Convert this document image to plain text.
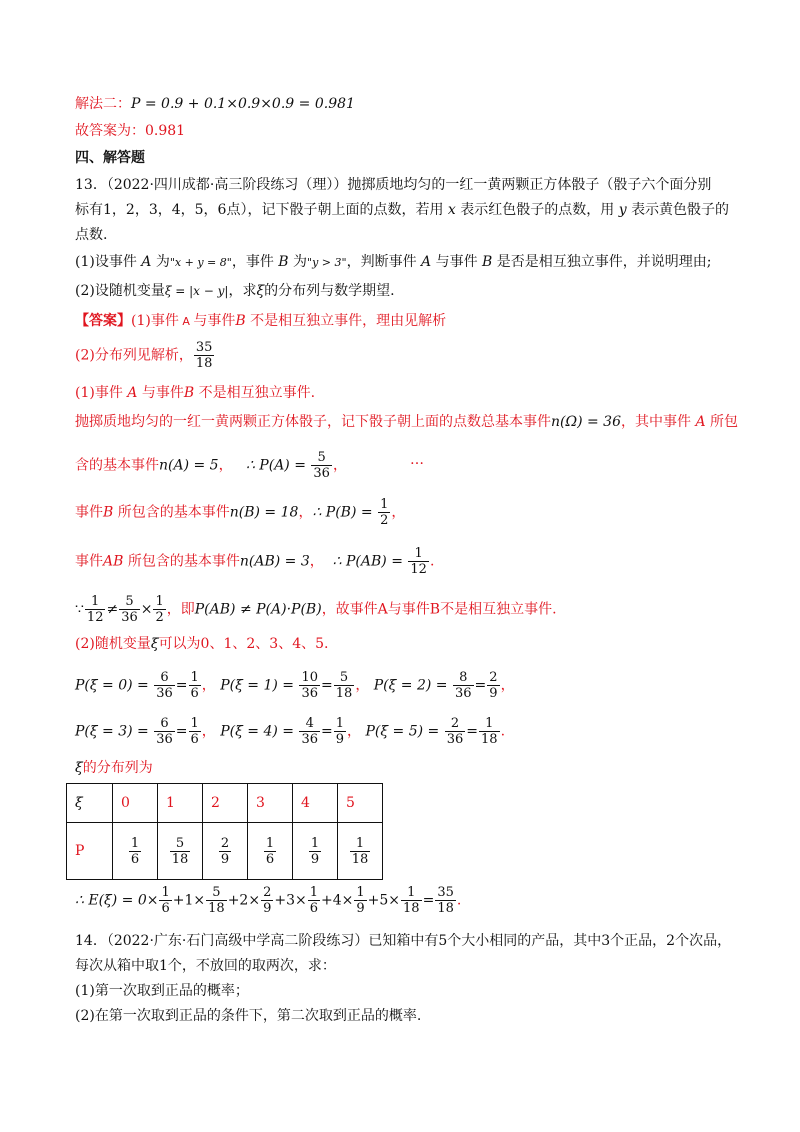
解法二：P = 0.9 + 0.1×0.9×0.9 = 0.981
故答案为：0.981
四、解答题
13．（2022·四川成都·高三阶段练习（理））抛掷质地均匀的一红一黄两颗正方体骰子（骰子六个面分别
标有1，2，3，4，5，6点），记下骰子朝上面的点数，若用 x 表示红色骰子的点数，用 y 表示黄色骰子的
点数.
(1)设事件 A 为"x + y = 8"，事件 B 为"y > 3"，判断事件 A 与事件 B 是否是相互独立事件，并说明理由;
(2)设随机变量ξ = |x − y|，求ξ的分布列与数学期望.
【答案】(1)事件 A 与事件B 不是相互独立事件，理由见解析
(2)分布列见解析， $\frac{35}{18}$
(1)事件 A 与事件B 不是相互独立事件.
抛掷质地均匀的一红一黄两颗正方体骰子，记下骰子朝上面的点数总基本事件n(Ω) = 36，其中事件 A 所包
含的基本事件n(A) = 5， ∴ $P(A) = \frac{5}{36}$ ，	…
事件B 所包含的基本事件n(B) = 18，∴ $P(B) = \frac{1}{2}$ ，
事件AB 所包含的基本事件n(AB) = 3， ∴ $P(AB) = \frac{1}{12}$ .
∵ $\frac{1}{12} \ne \frac{5}{36} \times \frac{1}{2}$ ，即P(AB) ≠ P(A)·P(B)，故事件A与事件B不是相互独立事件.
(2)随机变量ξ可以为0、1、2、3、4、5.
$P(\xi = 0) = \frac{6}{36} = \frac{1}{6}$ ， $P(\xi = 1) = \frac{10}{36} = \frac{5}{18}$ ， $P(\xi = 2) = \frac{8}{36} = \frac{2}{9}$ ，
$P(\xi = 3) = \frac{6}{36} = \frac{1}{6}$ ， $P(\xi = 4) = \frac{4}{36} = \frac{1}{9}$ ， $P(\xi = 5) = \frac{2}{36} = \frac{1}{18}$ .
ξ的分布列为
ξ	0	1	2	3	4	5
P	$\frac{1}{6}$	$\frac{5}{18}$	$\frac{2}{9}$	$\frac{1}{6}$	$\frac{1}{9}$	$\frac{1}{18}$
∴ $E(\xi) = 0\times \frac{1}{6} +1\times \frac{5}{18} +2\times \frac{2}{9} +3\times \frac{1}{6} +4\times \frac{1}{9} +5\times \frac{1}{18} = \frac{35}{18}$ .
14．（2022·广东·石门高级中学高二阶段练习）已知箱中有5个大小相同的产品，其中3个正品，2个次品，
每次从箱中取1个，不放回的取两次，求：
(1)第一次取到正品的概率；
(2)在第一次取到正品的条件下，第二次取到正品的概率.
